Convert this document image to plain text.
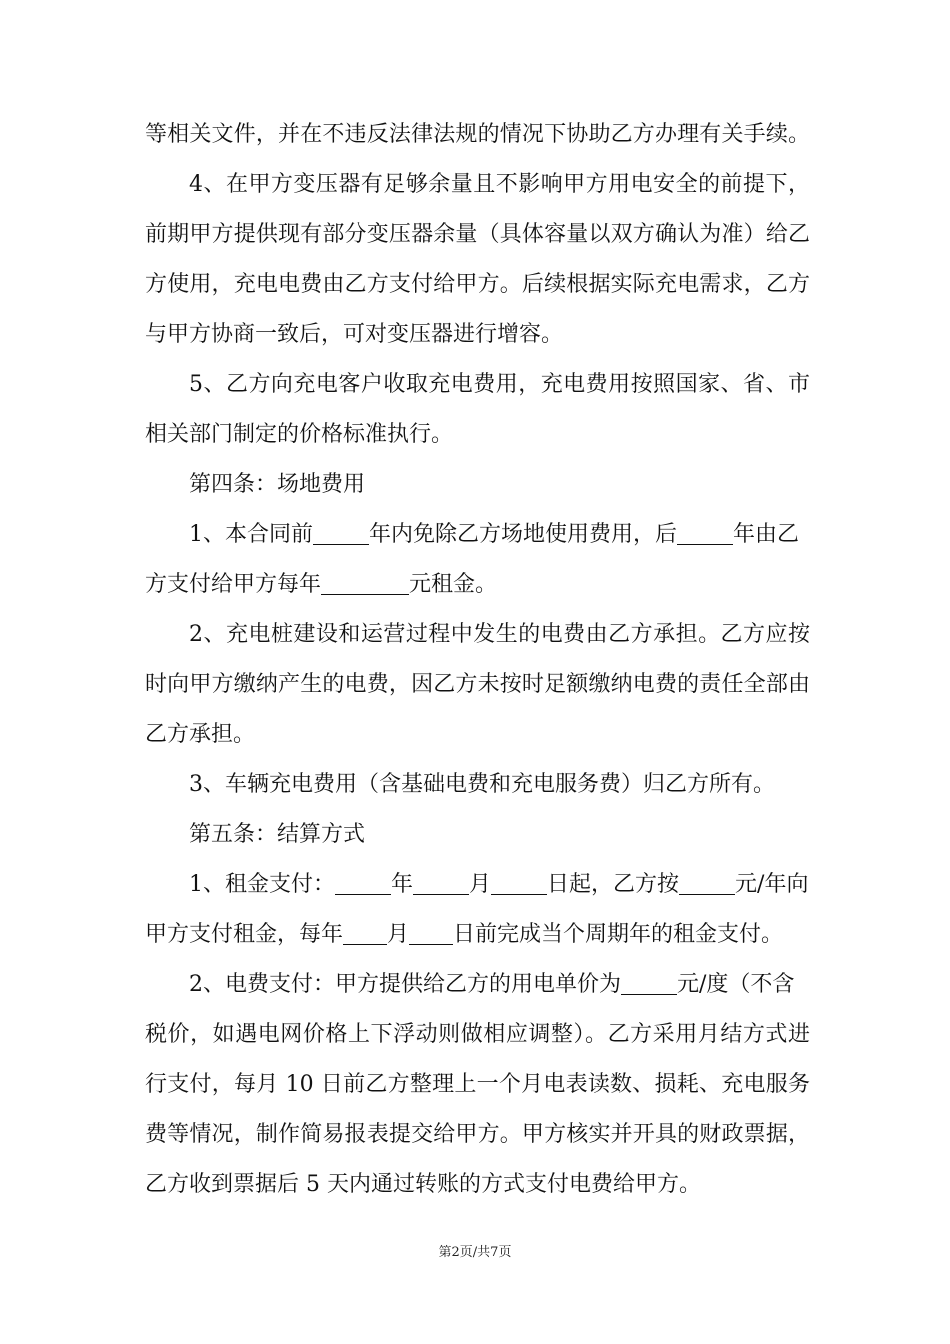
等相关文件，并在不违反法律法规的情况下协助乙方办理有关手续。
4、在甲方变压器有足够余量且不影响甲方用电安全的前提下，
前期甲方提供现有部分变压器余量（具体容量以双方确认为准）给乙
方使用，充电电费由乙方支付给甲方。后续根据实际充电需求，乙方
与甲方协商一致后，可对变压器进行增容。
5、乙方向充电客户收取充电费用，充电费用按照国家、省、市
相关部门制定的价格标准执行。
第四条：场地费用
1、本合同前	年内免除乙方场地使用费用，后	年由乙
方支付给甲方每年	元租金。
2、充电桩建设和运营过程中发生的电费由乙方承担。乙方应按
时向甲方缴纳产生的电费，因乙方未按时足额缴纳电费的责任全部由
乙方承担。
3、车辆充电费用（含基础电费和充电服务费）归乙方所有。
第五条：结算方式
1、租金支付：	年	月	日起，乙方按	元/年向
甲方支付租金，每年 月 日前完成当个周期年的租金支付。
2、电费支付：甲方提供给乙方的用电单价为	元/度（不含
税价，如遇电网价格上下浮动则做相应调整）。乙方采用月结方式进
行支付，每月 10 日前乙方整理上一个月电表读数、损耗、充电服务
费等情况，制作简易报表提交给甲方。甲方核实并开具的财政票据，
乙方收到票据后 5 天内通过转账的方式支付电费给甲方。
第2页/共7页
